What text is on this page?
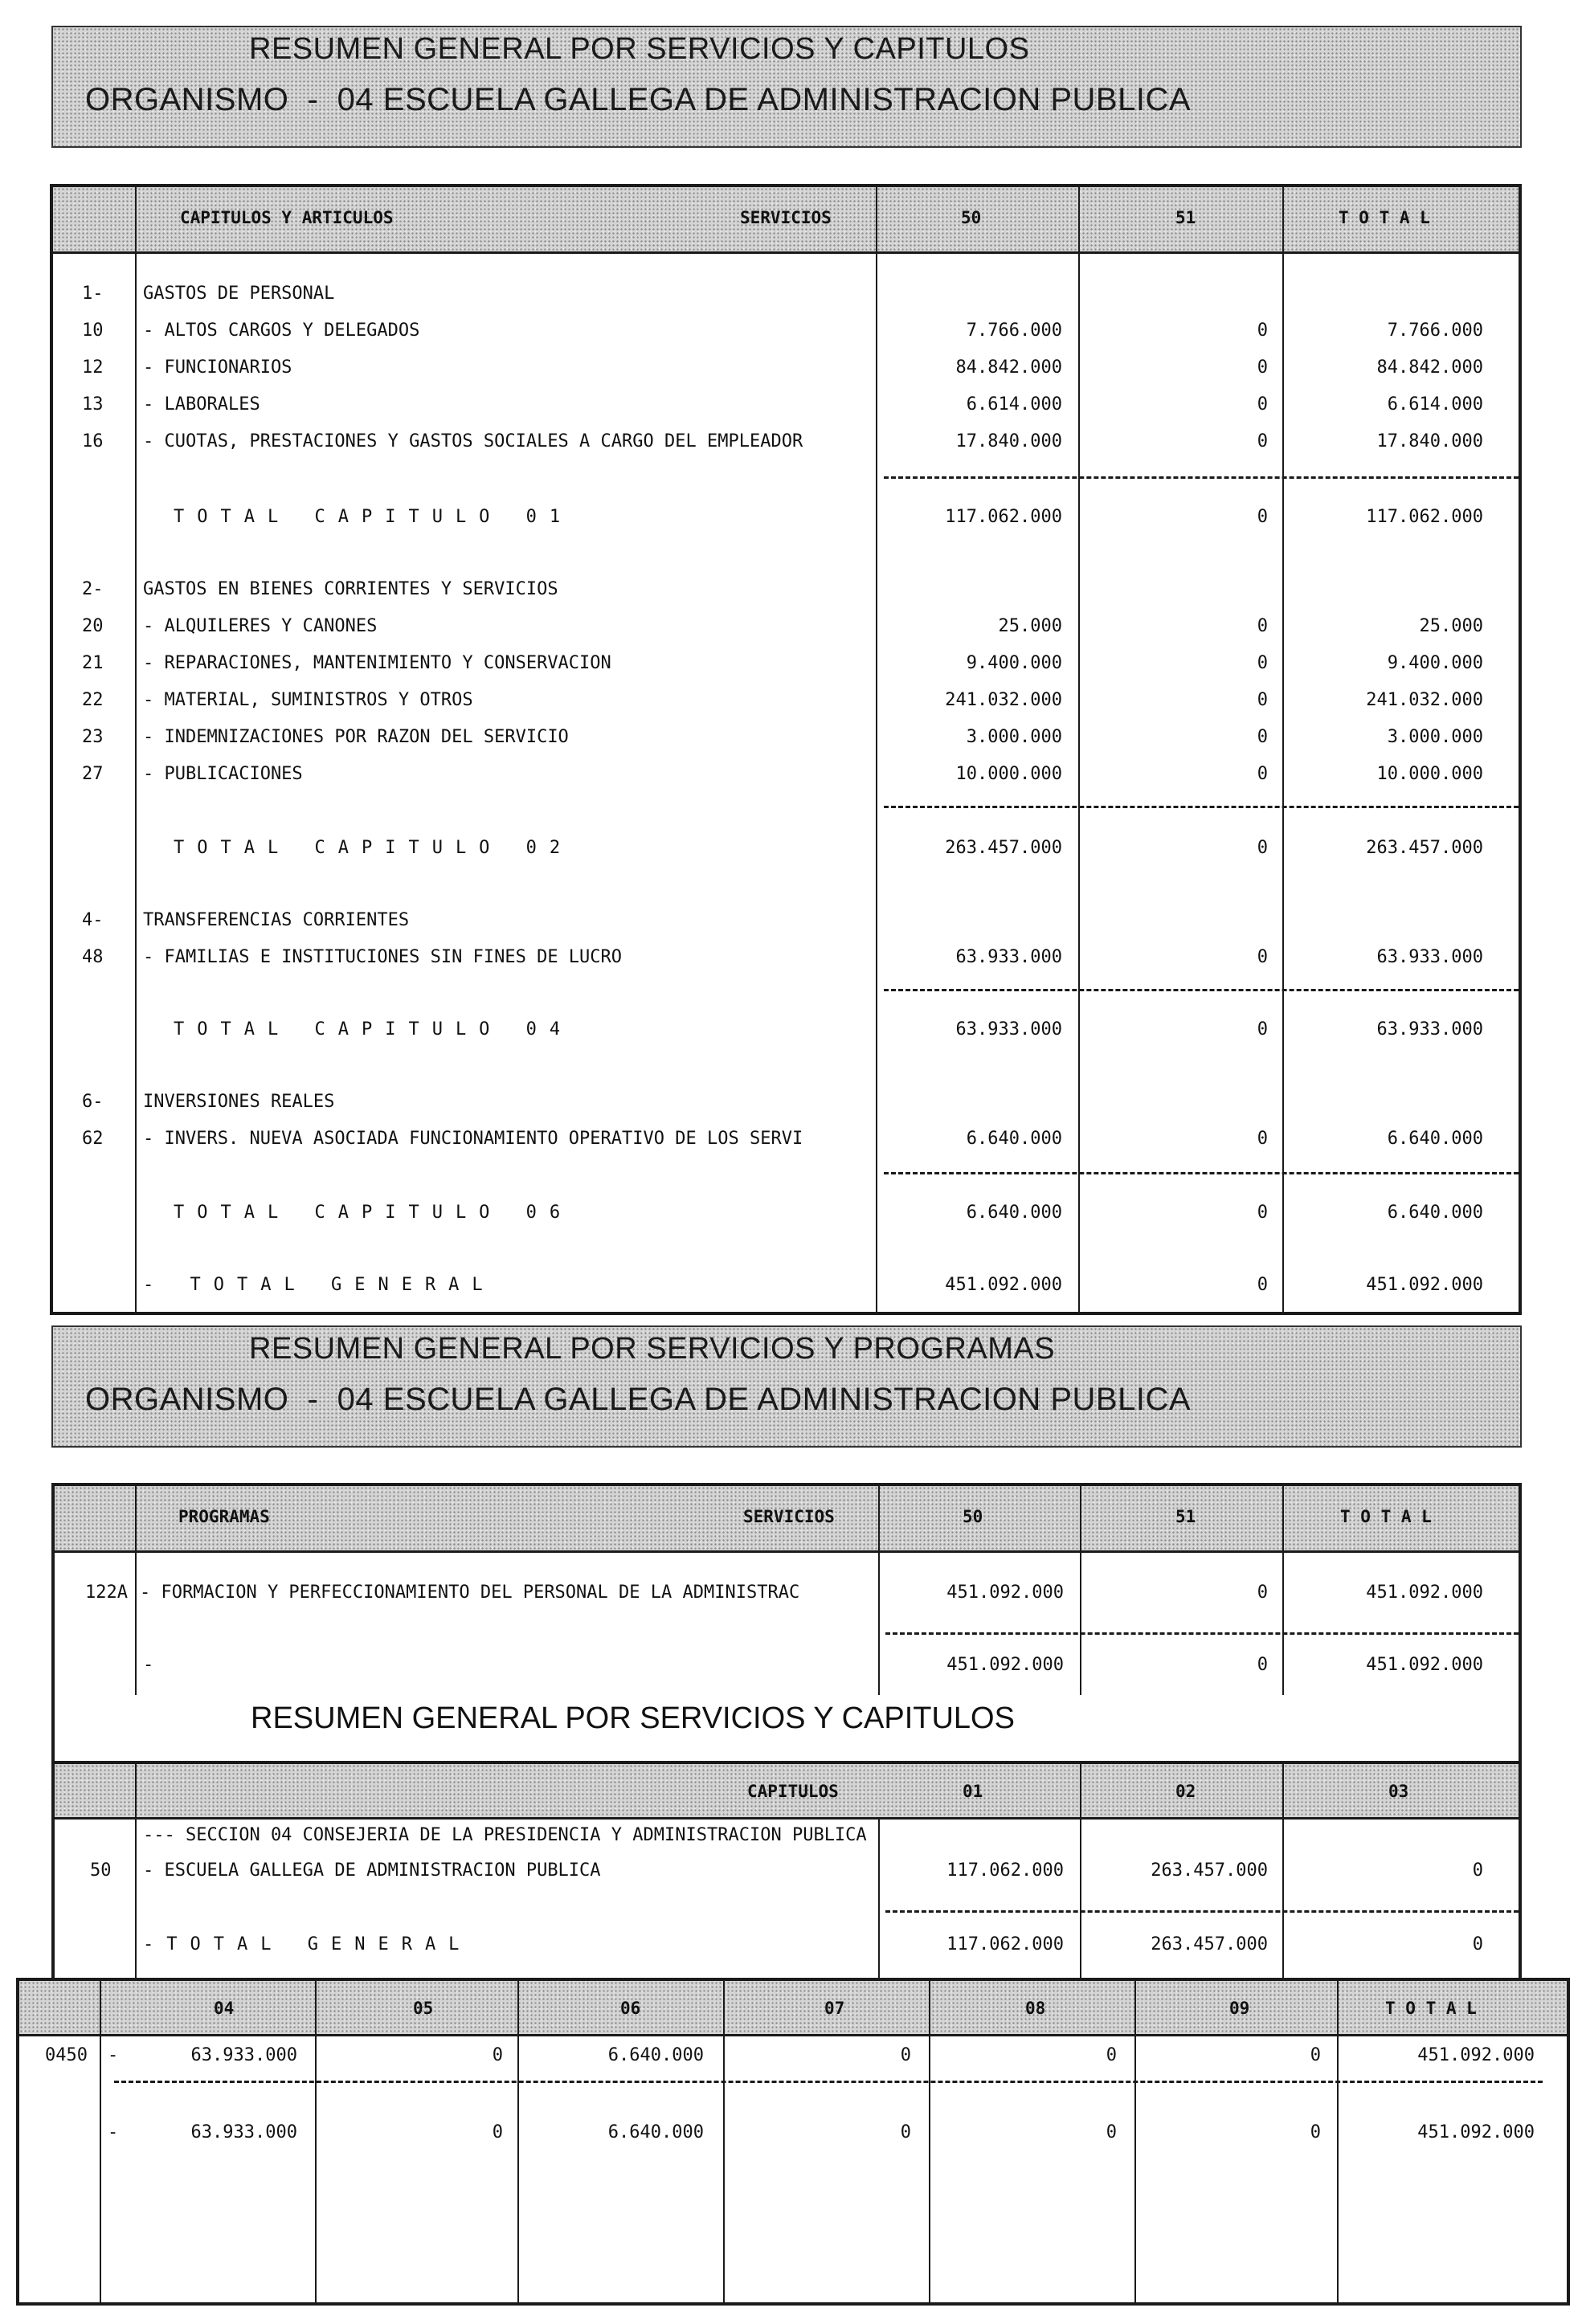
RESUMEN GENERAL POR SERVICIOS Y CAPITULOS
ORGANISMO  -  04 ESCUELA GALLEGA DE ADMINISTRACION PUBLICA
CAPITULOS Y ARTICULOS	SERVICIOS	50	51	T O T A L
1- GASTOS DE PERSONAL
10 - ALTOS CARGOS Y DELEGADOS	7.766.000	0	7.766.000
12 - FUNCIONARIOS	84.842.000	0	84.842.000
13 - LABORALES	6.614.000	0	6.614.000
16 - CUOTAS, PRESTACIONES Y GASTOS SOCIALES A CARGO DEL EMPLEADOR	17.840.000	0	17.840.000
TOTAL CAPITULO 01	117.062.000	0	117.062.000
2- GASTOS EN BIENES CORRIENTES Y SERVICIOS
20 - ALQUILERES Y CANONES	25.000	0	25.000
21 - REPARACIONES, MANTENIMIENTO Y CONSERVACION	9.400.000	0	9.400.000
22 - MATERIAL, SUMINISTROS Y OTROS	241.032.000	0	241.032.000
23 - INDEMNIZACIONES POR RAZON DEL SERVICIO	3.000.000	0	3.000.000
27 - PUBLICACIONES	10.000.000	0	10.000.000
TOTAL CAPITULO 02	263.457.000	0	263.457.000
4- TRANSFERENCIAS CORRIENTES
48 - FAMILIAS E INSTITUCIONES SIN FINES DE LUCRO	63.933.000	0	63.933.000
TOTAL CAPITULO 04	63.933.000	0	63.933.000
6- INVERSIONES REALES
62 - INVERS. NUEVA ASOCIADA FUNCIONAMIENTO OPERATIVO DE LOS SERVI	6.640.000	0	6.640.000
TOTAL CAPITULO 06	6.640.000	0	6.640.000
- TOTAL GENERAL	451.092.000	0	451.092.000
RESUMEN GENERAL POR SERVICIOS Y PROGRAMAS
ORGANISMO  -  04 ESCUELA GALLEGA DE ADMINISTRACION PUBLICA
PROGRAMAS	SERVICIOS	50	51	T O T A L
122A - FORMACION Y PERFECCIONAMIENTO DEL PERSONAL DE LA ADMINISTRAC	451.092.000	0	451.092.000
-	451.092.000	0	451.092.000
RESUMEN GENERAL POR SERVICIOS Y CAPITULOS
CAPITULOS	01	02	03
--- SECCION 04 CONSEJERIA DE LA PRESIDENCIA Y ADMINISTRACION PUBLICA
50 - ESCUELA GALLEGA DE ADMINISTRACION PUBLICA	117.062.000	263.457.000	0
-TOTAL GENERAL	117.062.000	263.457.000	0
04	05	06	07	08	09	T O T A L
0450 -	63.933.000	0	6.640.000	0	0	0	451.092.000
-	63.933.000	0	6.640.000	0	0	0	451.092.000
